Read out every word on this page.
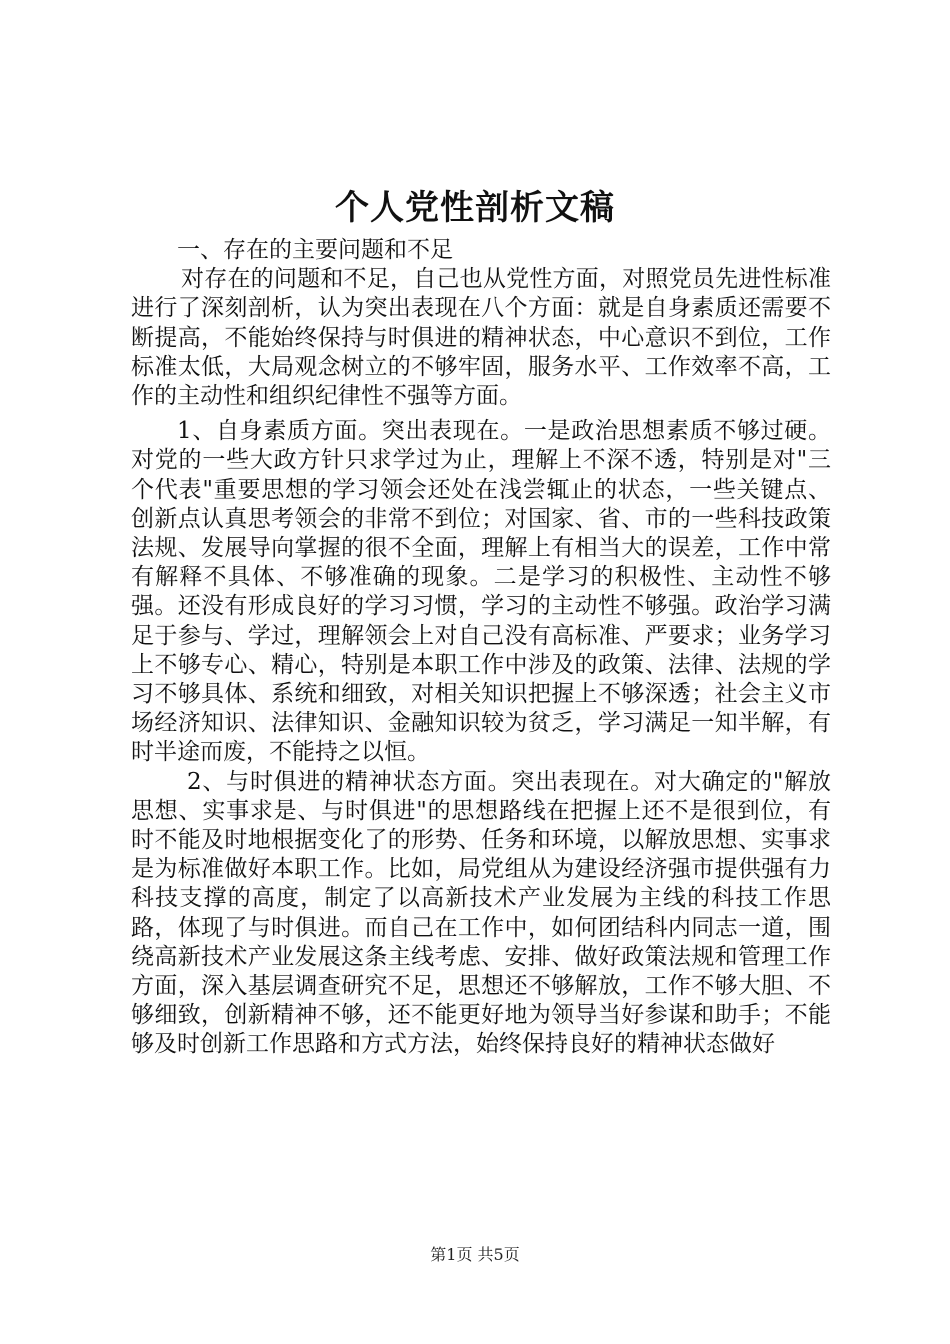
个人党性剖析文稿

一、存在的主要问题和不足

对存在的问题和不足，自己也从党性方面，对照党员先进性标准进行了深刻剖析，认为突出表现在八个方面：就是自身素质还需要不断提高，不能始终保持与时俱进的精神状态，中心意识不到位，工作标准太低，大局观念树立的不够牢固，服务水平、工作效率不高，工作的主动性和组织纪律性不强等方面。

1、自身素质方面。突出表现在。一是政治思想素质不够过硬。对党的一些大政方针只求学过为止，理解上不深不透，特别是对"三个代表"重要思想的学习领会还处在浅尝辄止的状态，一些关键点、创新点认真思考领会的非常不到位；对国家、省、市的一些科技政策法规、发展导向掌握的很不全面，理解上有相当大的误差，工作中常有解释不具体、不够准确的现象。二是学习的积极性、主动性不够强。还没有形成良好的学习习惯，学习的主动性不够强。政治学习满足于参与、学过，理解领会上对自己没有高标准、严要求；业务学习上不够专心、精心，特别是本职工作中涉及的政策、法律、法规的学习不够具体、系统和细致，对相关知识把握上不够深透；社会主义市场经济知识、法律知识、金融知识较为贫乏，学习满足一知半解，有时半途而废，不能持之以恒。

2、与时俱进的精神状态方面。突出表现在。对大确定的"解放思想、实事求是、与时俱进"的思想路线在把握上还不是很到位，有时不能及时地根据变化了的形势、任务和环境，以解放思想、实事求是为标准做好本职工作。比如，局党组从为建设经济强市提供强有力科技支撑的高度，制定了以高新技术产业发展为主线的科技工作思路，体现了与时俱进。而自己在工作中，如何团结科内同志一道，围绕高新技术产业发展这条主线考虑、安排、做好政策法规和管理工作方面，深入基层调查研究不足，思想还不够解放，工作不够大胆、不够细致，创新精神不够，还不能更好地为领导当好参谋和助手；不能够及时创新工作思路和方式方法，始终保持良好的精神状态做好

第1页 共5页
